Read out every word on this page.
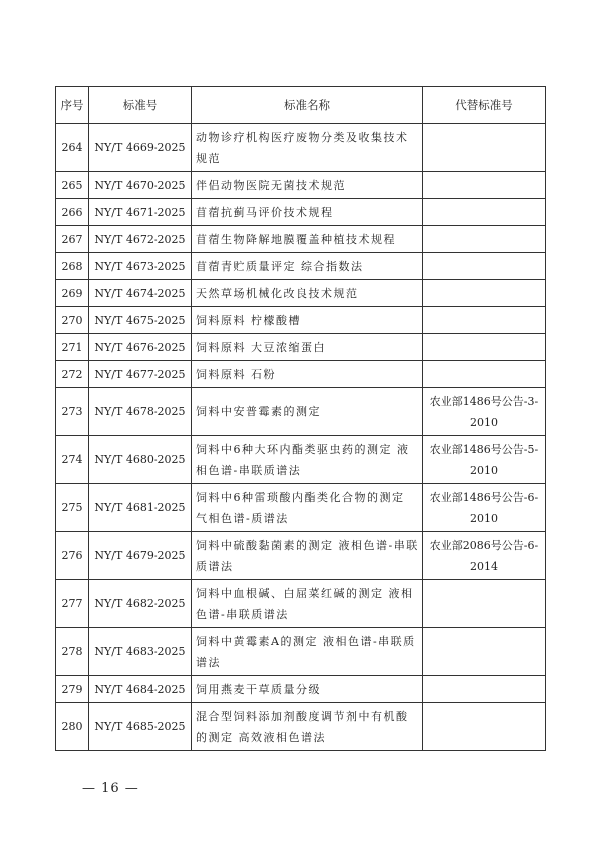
序号	标准号	标准名称	代替标准号
264	NY/T 4669-2025	动物诊疗机构医疗废物分类及收集技术规范	
265	NY/T 4670-2025	伴侣动物医院无菌技术规范	
266	NY/T 4671-2025	苜蓿抗蓟马评价技术规程	
267	NY/T 4672-2025	苜蓿生物降解地膜覆盖种植技术规程	
268	NY/T 4673-2025	苜蓿青贮质量评定 综合指数法	
269	NY/T 4674-2025	天然草场机械化改良技术规范	
270	NY/T 4675-2025	饲料原料 柠檬酸槽	
271	NY/T 4676-2025	饲料原料 大豆浓缩蛋白	
272	NY/T 4677-2025	饲料原料 石粉	
273	NY/T 4678-2025	饲料中安普霉素的测定	农业部1486号公告-3-2010
274	NY/T 4680-2025	饲料中6种大环内酯类驱虫药的测定 液相色谱-串联质谱法	农业部1486号公告-5-2010
275	NY/T 4681-2025	饲料中6种雷琐酸内酯类化合物的测定 气相色谱-质谱法	农业部1486号公告-6-2010
276	NY/T 4679-2025	饲料中硫酸黏菌素的测定 液相色谱-串联质谱法	农业部2086号公告-6-2014
277	NY/T 4682-2025	饲料中血根碱、白屈菜红碱的测定 液相色谱-串联质谱法	
278	NY/T 4683-2025	饲料中黄霉素A的测定 液相色谱-串联质谱法	
279	NY/T 4684-2025	饲用燕麦干草质量分级	
280	NY/T 4685-2025	混合型饲料添加剂酸度调节剂中有机酸的测定 高效液相色谱法	
— 16 —
